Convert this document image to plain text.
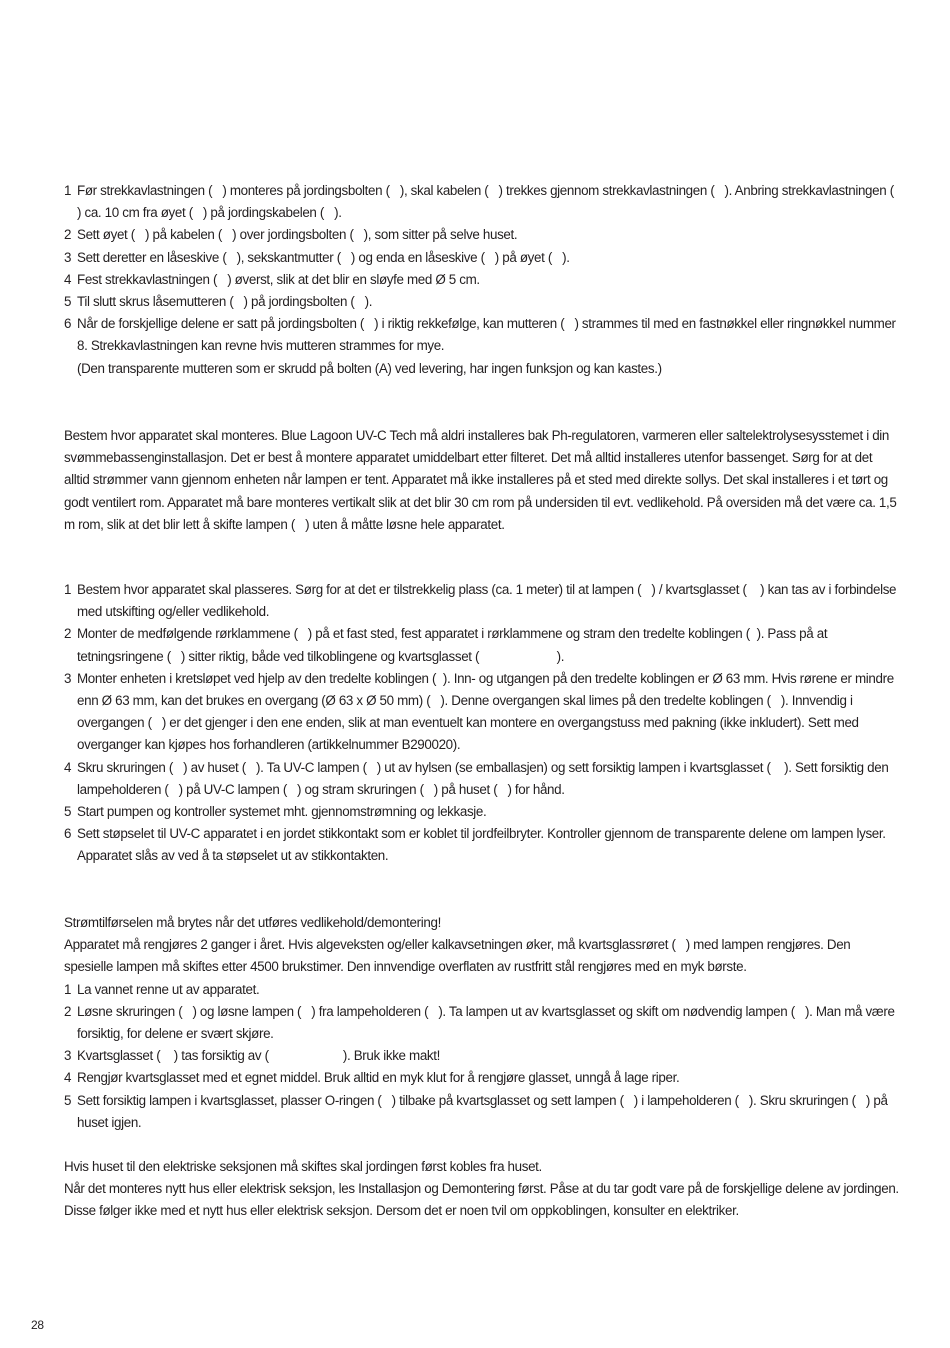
1 Før strekkavlastningen (   ) monteres på jordingsbolten (   ), skal kabelen (   ) trekkes gjennom strekkavlastningen (   ). Anbring strekkavlastningen (   ) ca. 10 cm fra øyet (   ) på jordingskabelen (   ).
2 Sett øyet (   ) på kabelen (   ) over jordingsbolten (   ), som sitter på selve huset.
3 Sett deretter en låseskive (   ), sekskantmutter (   ) og enda en låseskive (   ) på øyet (   ).
4 Fest strekkavlastningen (   ) øverst, slik at det blir en sløyfe med Ø 5 cm.
5 Til slutt skrus låsemutteren (   ) på jordingsbolten (   ).
6 Når de forskjellige delene er satt på jordingsbolten (   ) i riktig rekkefølge, kan mutteren (   ) strammes til med en fastnøkkel eller ringnøkkel nummer 8. Strekkavlastningen kan revne hvis mutteren strammes for mye.
(Den transparente mutteren som er skrudd på bolten (A) ved levering, har ingen funksjon og kan kastes.)

Bestem hvor apparatet skal monteres. Blue Lagoon UV-C Tech må aldri installeres bak Ph-regulatoren, varmeren eller saltelektrolysesysstemet i din svømmebassenginstallasjon. Det er best å montere apparatet umiddelbart etter filteret. Det må alltid installeres utenfor bassenget. Sørg for at det alltid strømmer vann gjennom enheten når lampen er tent. Apparatet må ikke installeres på et sted med direkte sollys. Det skal installeres i et tørt og godt ventilert rom. Apparatet må bare monteres vertikalt slik at det blir 30 cm rom på undersiden til evt. vedlikehold. På oversiden må det være ca. 1,5 m rom, slik at det blir lett å skifte lampen (   ) uten å måtte løsne hele apparatet.

1 Bestem hvor apparatet skal plasseres. Sørg for at det er tilstrekkelig plass (ca. 1 meter) til at lampen (   ) / kvartsglasset (    ) kan tas av i forbindelse med utskifting og/eller vedlikehold.
2 Monter de medfølgende rørklammene (   ) på et fast sted, fest apparatet i rørklammene og stram den tredelte koblingen (  ). Pass på at tetningsringene (   ) sitter riktig, både ved tilkoblingene og kvartsglasset (                       ).
3 Monter enheten i kretsløpet ved hjelp av den tredelte koblingen (  ). Inn- og utgangen på den tredelte koblingen er Ø 63 mm. Hvis rørene er mindre enn Ø 63 mm, kan det brukes en overgang (Ø 63 x Ø 50 mm) (   ). Denne overgangen skal limes på den tredelte koblingen (   ). Innvendig i overgangen (   ) er det gjenger i den ene enden, slik at man eventuelt kan montere en overgangstuss med pakning (ikke inkludert). Sett med overganger kan kjøpes hos forhandleren (artikkelnummer B290020).
4 Skru skruringen (   ) av huset (   ). Ta UV-C lampen (   ) ut av hylsen (se emballasjen) og sett forsiktig lampen i kvartsglasset (    ). Sett forsiktig den lampeholderen (   ) på UV-C lampen (   ) og stram skruringen (   ) på huset (   ) for hånd.
5 Start pumpen og kontroller systemet mht. gjennomstrømning og lekkasje.
6 Sett støpselet til UV-C apparatet i en jordet stikkontakt som er koblet til jordfeilbryter. Kontroller gjennom de transparente delene om lampen lyser. Apparatet slås av ved å ta støpselet ut av stikkontakten.
Strømtilførselen må brytes når det utføres vedlikehold/demontering!
Apparatet må rengjøres 2 ganger i året. Hvis algeveksten og/eller kalkavsetningen øker, må kvartsglassrøret (   ) med lampen rengjøres. Den spesielle lampen må skiftes etter 4500 brukstimer. Den innvendige overflaten av rustfritt stål rengjøres med en myk børste.
1 La vannet renne ut av apparatet.
2 Løsne skruringen (   ) og løsne lampen (   ) fra lampeholderen (   ). Ta lampen ut av kvartsglasset og skift om nødvendig lampen (   ). Man må være forsiktig, for delene er svært skjøre.
3 Kvartsglasset (    ) tas forsiktig av (                      ). Bruk ikke makt!
4 Rengjør kvartsglasset med et egnet middel. Bruk alltid en myk klut for å rengjøre glasset, unngå å lage riper.
5 Sett forsiktig lampen i kvartsglasset, plasser O-ringen (   ) tilbake på kvartsglasset og sett lampen (   ) i lampeholderen (   ). Skru skruringen (   ) på huset igjen.
Hvis huset til den elektriske seksjonen må skiftes skal jordingen først kobles fra huset.
Når det monteres nytt hus eller elektrisk seksjon, les Installasjon og Demontering først. Påse at du tar godt vare på de forskjellige delene av jordingen. Disse følger ikke med et nytt hus eller elektrisk seksjon. Dersom det er noen tvil om oppkoblingen, konsulter en elektriker.
28
